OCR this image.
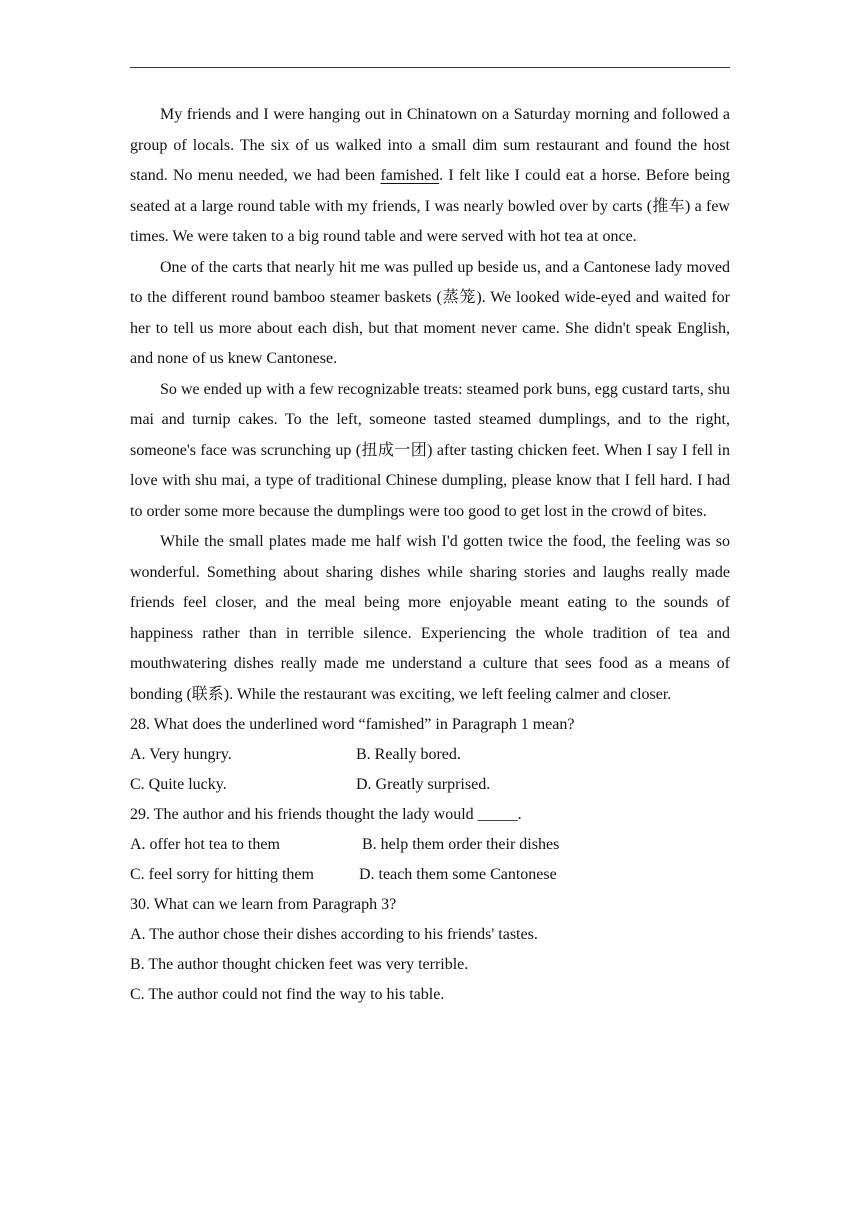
My friends and I were hanging out in Chinatown on a Saturday morning and followed a group of locals. The six of us walked into a small dim sum restaurant and found the host stand. No menu needed, we had been famished. I felt like I could eat a horse. Before being seated at a large round table with my friends, I was nearly bowled over by carts (推车) a few times. We were taken to a big round table and were served with hot tea at once.

One of the carts that nearly hit me was pulled up beside us, and a Cantonese lady moved to the different round bamboo steamer baskets (蒸笼). We looked wide-eyed and waited for her to tell us more about each dish, but that moment never came. She didn't speak English, and none of us knew Cantonese.

So we ended up with a few recognizable treats: steamed pork buns, egg custard tarts, shu mai and turnip cakes. To the left, someone tasted steamed dumplings, and to the right, someone's face was scrunching up (扭成一团) after tasting chicken feet. When I say I fell in love with shu mai, a type of traditional Chinese dumpling, please know that I fell hard. I had to order some more because the dumplings were too good to get lost in the crowd of bites.

While the small plates made me half wish I'd gotten twice the food, the feeling was so wonderful. Something about sharing dishes while sharing stories and laughs really made friends feel closer, and the meal being more enjoyable meant eating to the sounds of happiness rather than in terrible silence. Experiencing the whole tradition of tea and mouthwatering dishes really made me understand a culture that sees food as a means of bonding (联系). While the restaurant was exciting, we left feeling calmer and closer.

28. What does the underlined word “famished” in Paragraph 1 mean?

A. Very hungry.	B. Really bored.
C. Quite lucky.	D. Greatly surprised.

29. The author and his friends thought the lady would _____.

A. offer hot tea to them	B. help them order their dishes
C. feel sorry for hitting them	D. teach them some Cantonese

30. What can we learn from Paragraph 3?

A. The author chose their dishes according to his friends' tastes.

B. The author thought chicken feet was very terrible.

C. The author could not find the way to his table.
